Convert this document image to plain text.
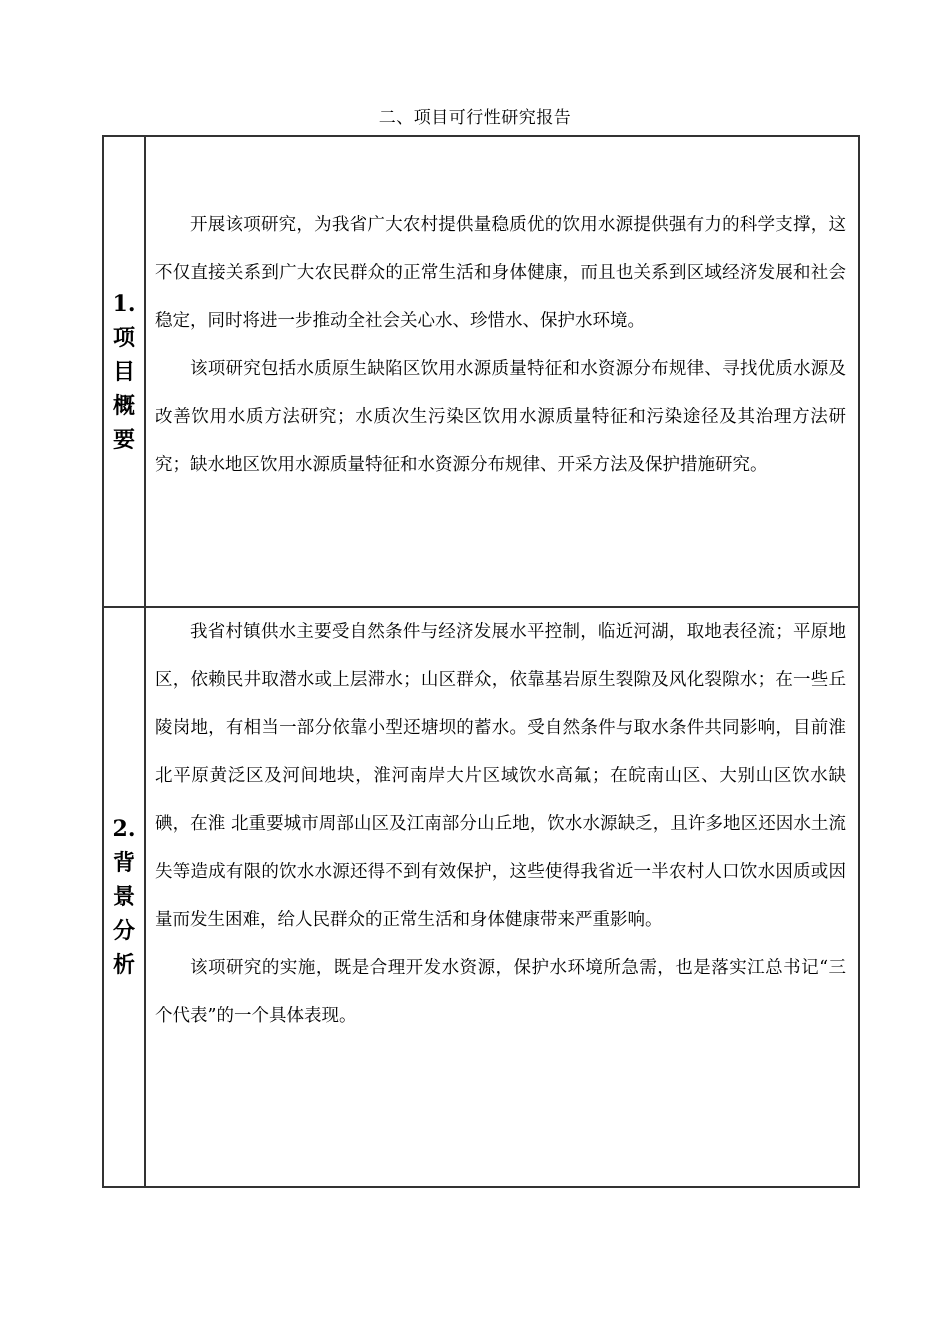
二、项目可行性研究报告
1.
项
目
概
要

开展该项研究，为我省广大农村提供量稳质优的饮用水源提供强有力的科学支撑，这不仅直接关系到广大农民群众的正常生活和身体健康，而且也关系到区域经济发展和社会稳定，同时将进一步推动全社会关心水、珍惜水、保护水环境。

该项研究包括水质原生缺陷区饮用水源质量特征和水资源分布规律、寻找优质水源及改善饮用水质方法研究；水质次生污染区饮用水源质量特征和污染途径及其治理方法研究；缺水地区饮用水源质量特征和水资源分布规律、开采方法及保护措施研究。

2.
背
景
分
析

我省村镇供水主要受自然条件与经济发展水平控制，临近河湖，取地表径流；平原地区，依赖民井取潜水或上层滞水；山区群众，依靠基岩原生裂隙及风化裂隙水；在一些丘陵岗地，有相当一部分依靠小型还塘坝的蓄水。受自然条件与取水条件共同影响，目前淮北平原黄泛区及河间地块，淮河南岸大片区域饮水高氟；在皖南山区、大别山区饮水缺碘，在淮 北重要城市周部山区及江南部分山丘地，饮水水源缺乏，且许多地区还因水土流失等造成有限的饮水水源还得不到有效保护，这些使得我省近一半农村人口饮水因质或因量而发生困难，给人民群众的正常生活和身体健康带来严重影响。

该项研究的实施，既是合理开发水资源，保护水环境所急需，也是落实江总书记“三个代表”的一个具体表现。
